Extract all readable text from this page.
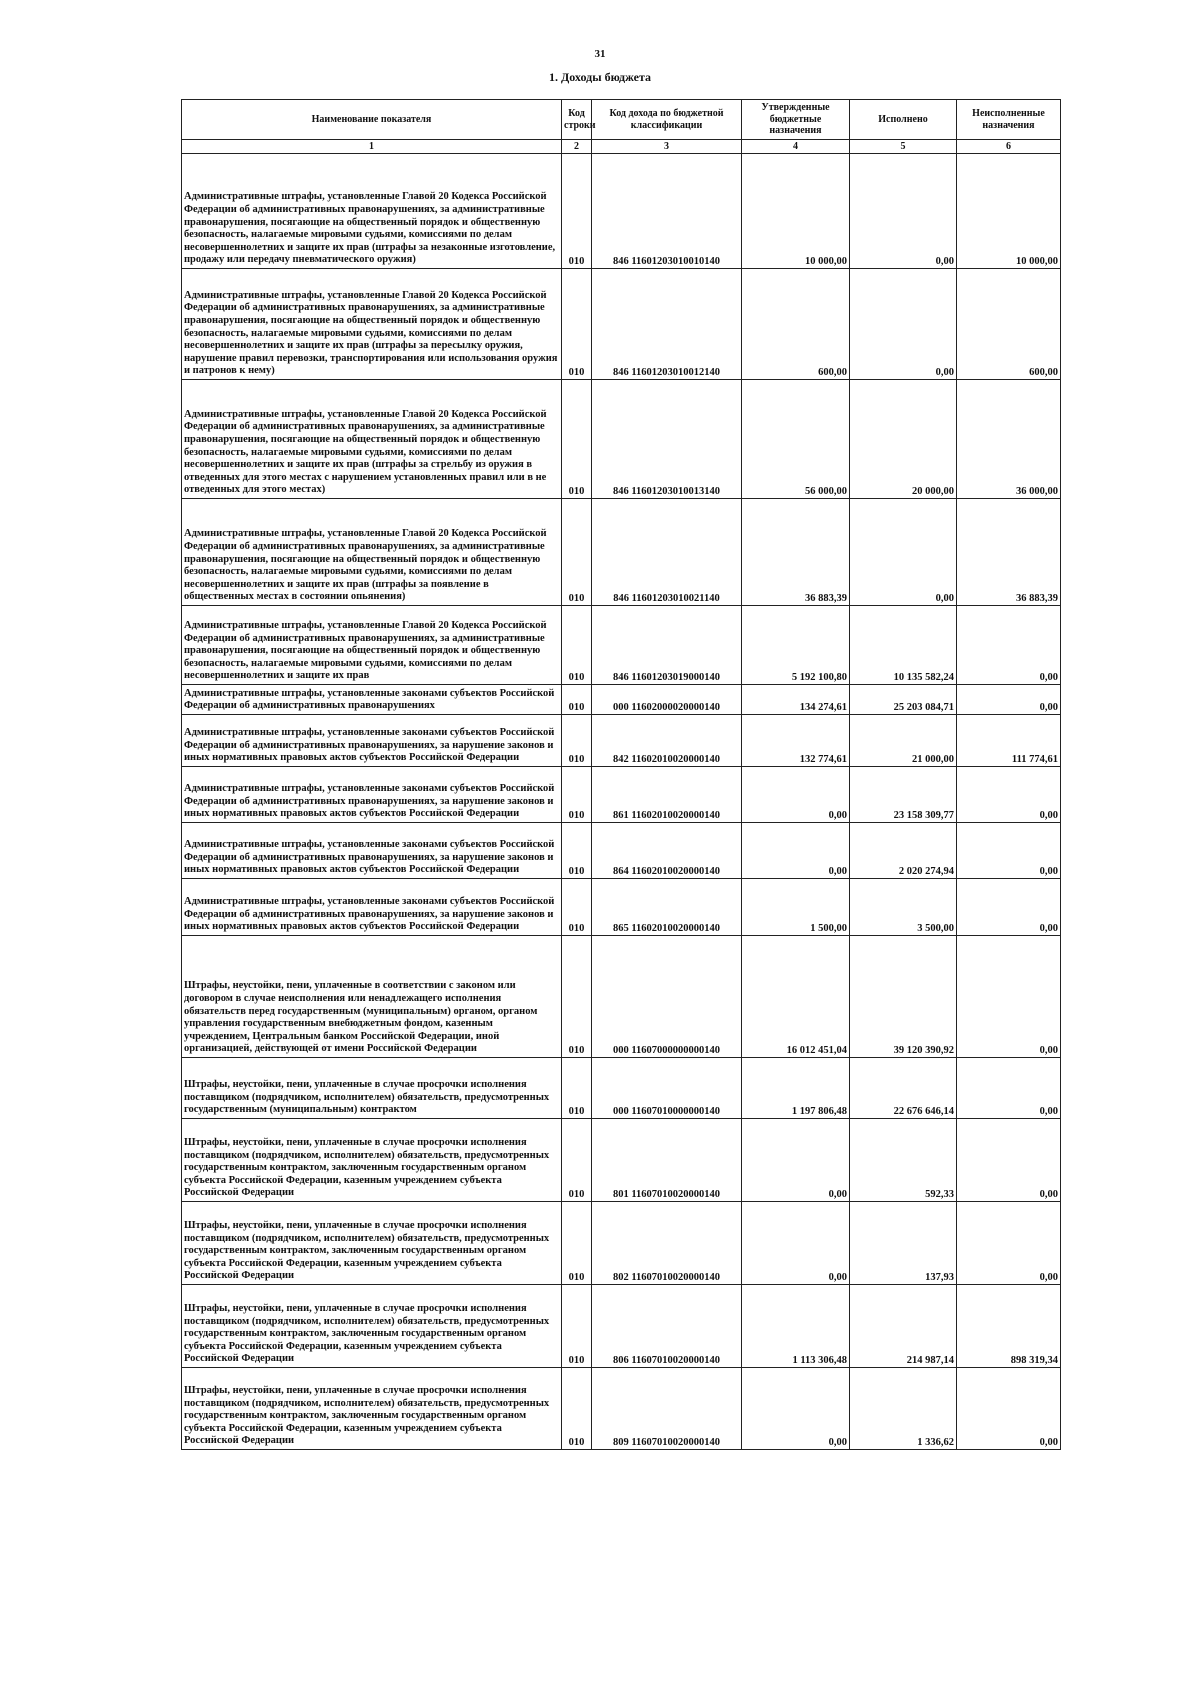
31
1. Доходы бюджета
Наименование показателя	Код строки	Код дохода по бюджетной классификации	Утвержденные бюджетные назначения	Исполнено	Неисполненные назначения
1	2	3	4	5	6
Административные штрафы, установленные Главой 20 Кодекса Российской Федерации об административных правонарушениях, за административные правонарушения, посягающие на общественный порядок и общественную безопасность, налагаемые мировыми судьями, комиссиями по делам несовершеннолетних и защите их прав (штрафы за незаконные изготовление, продажу или передачу пневматического оружия)	010	846 11601203010010140	10 000,00	0,00	10 000,00
Административные штрафы, установленные Главой 20 Кодекса Российской Федерации об административных правонарушениях, за административные правонарушения, посягающие на общественный порядок и общественную безопасность, налагаемые мировыми судьями, комиссиями по делам несовершеннолетних и защите их прав (штрафы за пересылку оружия, нарушение правил перевозки, транспортирования или использования оружия и патронов к нему)	010	846 11601203010012140	600,00	0,00	600,00
Административные штрафы, установленные Главой 20 Кодекса Российской Федерации об административных правонарушениях, за административные правонарушения, посягающие на общественный порядок и общественную безопасность, налагаемые мировыми судьями, комиссиями по делам несовершеннолетних и защите их прав (штрафы за стрельбу из оружия в отведенных для этого местах с нарушением установленных правил или в не отведенных для этого местах)	010	846 11601203010013140	56 000,00	20 000,00	36 000,00
Административные штрафы, установленные Главой 20 Кодекса Российской Федерации об административных правонарушениях, за административные правонарушения, посягающие на общественный порядок и общественную безопасность, налагаемые мировыми судьями, комиссиями по делам несовершеннолетних и защите их прав (штрафы за появление в общественных местах в состоянии опьянения)	010	846 11601203010021140	36 883,39	0,00	36 883,39
Административные штрафы, установленные Главой 20 Кодекса Российской Федерации об административных правонарушениях, за административные правонарушения, посягающие на общественный порядок и общественную безопасность, налагаемые мировыми судьями, комиссиями по делам несовершеннолетних и защите их прав	010	846 11601203019000140	5 192 100,80	10 135 582,24	0,00
Административные штрафы, установленные законами субъектов Российской Федерации об административных правонарушениях	010	000 11602000020000140	134 274,61	25 203 084,71	0,00
Административные штрафы, установленные законами субъектов Российской Федерации об административных правонарушениях, за нарушение законов и иных нормативных правовых актов субъектов Российской Федерации	010	842 11602010020000140	132 774,61	21 000,00	111 774,61
Административные штрафы, установленные законами субъектов Российской Федерации об административных правонарушениях, за нарушение законов и иных нормативных правовых актов субъектов Российской Федерации	010	861 11602010020000140	0,00	23 158 309,77	0,00
Административные штрафы, установленные законами субъектов Российской Федерации об административных правонарушениях, за нарушение законов и иных нормативных правовых актов субъектов Российской Федерации	010	864 11602010020000140	0,00	2 020 274,94	0,00
Административные штрафы, установленные законами субъектов Российской Федерации об административных правонарушениях, за нарушение законов и иных нормативных правовых актов субъектов Российской Федерации	010	865 11602010020000140	1 500,00	3 500,00	0,00
Штрафы, неустойки, пени, уплаченные в соответствии с законом или договором в случае неисполнения или ненадлежащего исполнения обязательств перед государственным (муниципальным) органом, органом управления государственным внебюджетным фондом, казенным учреждением, Центральным банком Российской Федерации, иной организацией, действующей от имени Российской Федерации	010	000 11607000000000140	16 012 451,04	39 120 390,92	0,00
Штрафы, неустойки, пени, уплаченные в случае просрочки исполнения поставщиком (подрядчиком, исполнителем) обязательств, предусмотренных государственным (муниципальным) контрактом	010	000 11607010000000140	1 197 806,48	22 676 646,14	0,00
Штрафы, неустойки, пени, уплаченные в случае просрочки исполнения поставщиком (подрядчиком, исполнителем) обязательств, предусмотренных государственным контрактом, заключенным государственным органом субъекта Российской Федерации, казенным учреждением субъекта Российской Федерации	010	801 11607010020000140	0,00	592,33	0,00
Штрафы, неустойки, пени, уплаченные в случае просрочки исполнения поставщиком (подрядчиком, исполнителем) обязательств, предусмотренных государственным контрактом, заключенным государственным органом субъекта Российской Федерации, казенным учреждением субъекта Российской Федерации	010	802 11607010020000140	0,00	137,93	0,00
Штрафы, неустойки, пени, уплаченные в случае просрочки исполнения поставщиком (подрядчиком, исполнителем) обязательств, предусмотренных государственным контрактом, заключенным государственным органом субъекта Российской Федерации, казенным учреждением субъекта Российской Федерации	010	806 11607010020000140	1 113 306,48	214 987,14	898 319,34
Штрафы, неустойки, пени, уплаченные в случае просрочки исполнения поставщиком (подрядчиком, исполнителем) обязательств, предусмотренных государственным контрактом, заключенным государственным органом субъекта Российской Федерации, казенным учреждением субъекта Российской Федерации	010	809 11607010020000140	0,00	1 336,62	0,00
